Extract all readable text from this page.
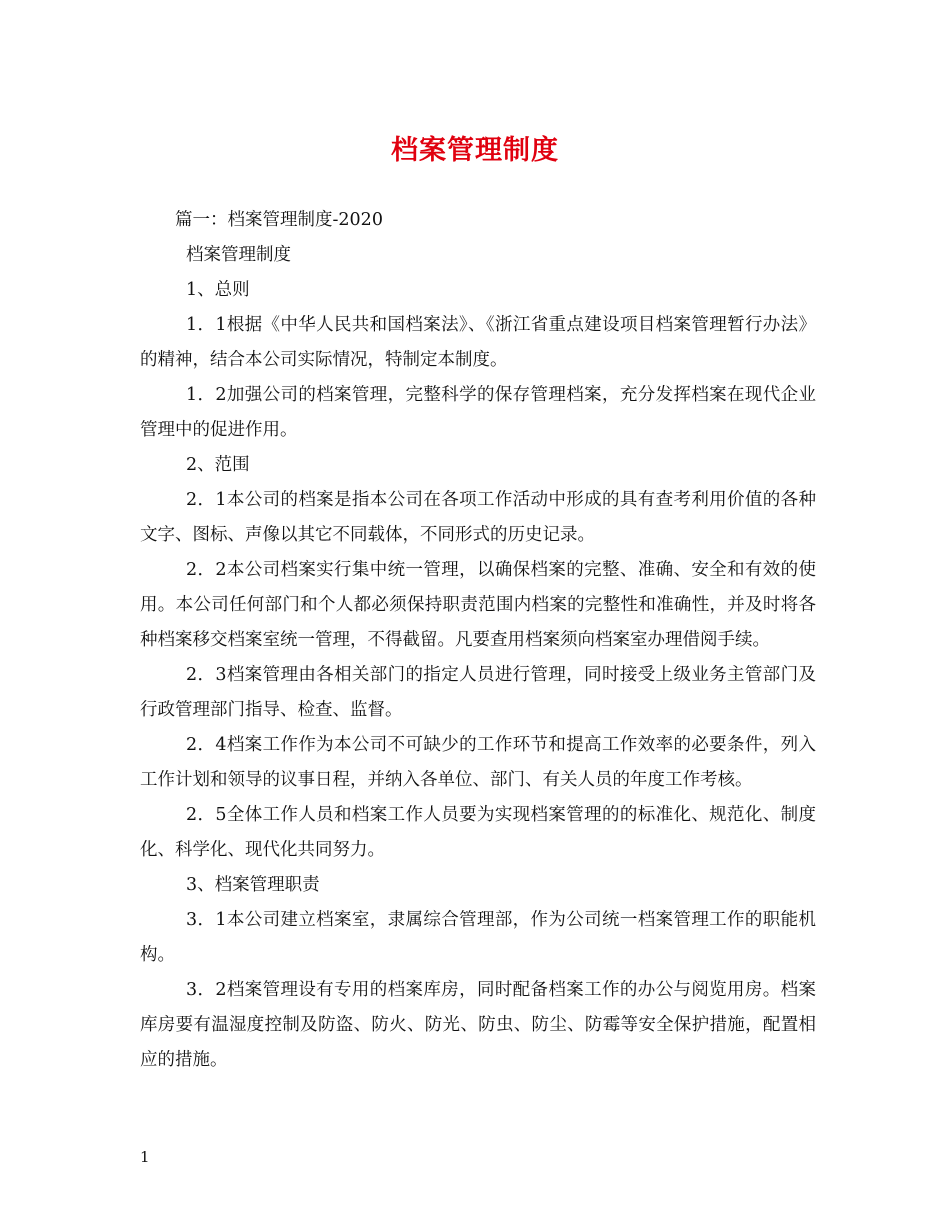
档案管理制度
篇一：档案管理制度-2020
档案管理制度
1、总则
1．1根据《中华人民共和国档案法》、《浙江省重点建设项目档案管理暂行办法》的精神，结合本公司实际情况，特制定本制度。
1．2加强公司的档案管理，完整科学的保存管理档案，充分发挥档案在现代企业管理中的促进作用。
2、范围
2．1本公司的档案是指本公司在各项工作活动中形成的具有查考利用价值的各种文字、图标、声像以其它不同载体，不同形式的历史记录。
2．2本公司档案实行集中统一管理，以确保档案的完整、准确、安全和有效的使用。本公司任何部门和个人都必须保持职责范围内档案的完整性和准确性，并及时将各种档案移交档案室统一管理，不得截留。凡要查用档案须向档案室办理借阅手续。
2．3档案管理由各相关部门的指定人员进行管理，同时接受上级业务主管部门及行政管理部门指导、检查、监督。
2．4档案工作作为本公司不可缺少的工作环节和提高工作效率的必要条件，列入工作计划和领导的议事日程，并纳入各单位、部门、有关人员的年度工作考核。
2．5全体工作人员和档案工作人员要为实现档案管理的的标准化、规范化、制度化、科学化、现代化共同努力。
3、档案管理职责
3．1本公司建立档案室，隶属综合管理部，作为公司统一档案管理工作的职能机构。
3．2档案管理设有专用的档案库房，同时配备档案工作的办公与阅览用房。档案库房要有温湿度控制及防盗、防火、防光、防虫、防尘、防霉等安全保护措施，配置相应的措施。
1
